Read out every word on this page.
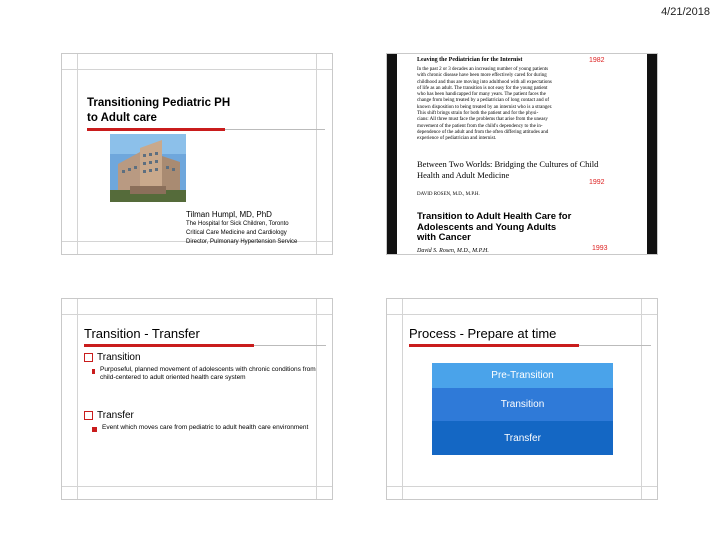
4/21/2018
Transitioning Pediatric PH
to Adult care
Tilman Humpl, MD, PhD
The Hospital for Sick Children, Toronto
Critical Care Medicine and Cardiology
Director, Pulmonary Hypertension Service
Leaving the Pediatrician for the Internist	1982
In the past 2 or 3 decades an increasing number of young patients
with chronic disease have been more effectively cared for during
childhood and thus are moving into adulthood with all expectations
of life as an adult. The transition is not easy for the young patient
who has been handicapped for many years. The patient faces the
change from being treated by a pediatrician of long contact and of
known disposition to being treated by an internist who is a stranger.
This shift brings strain for both the patient and for the physi-
cians: All three must face the problems that arise from the uneasy
movement of the patient from the child's dependency to the in-
dependence of the adult and from the often differing attitudes and
experience of pediatrician and internist.
Between Two Worlds: Bridging the Cultures of Child
Health and Adult Medicine
1992
DAVID ROSEN, M.D., M.P.H.
Transition to Adult Health Care for
Adolescents and Young Adults
with Cancer
David S. Rosen, M.D., M.P.H.	1993
Transition - Transfer
Transition
Purposeful, planned movement of adolescents with chronic conditions from child-centered to adult oriented health care system
Transfer
Event which moves care from pediatric to adult health care environment
Process - Prepare at time
Pre-Transition
Transition
Transfer
